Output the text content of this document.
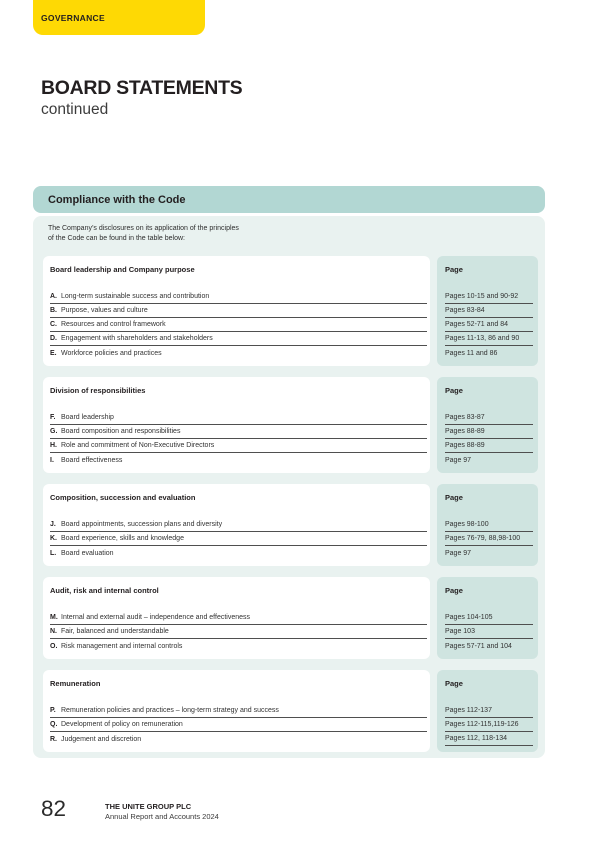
GOVERNANCE
BOARD STATEMENTS
continued
Compliance with the Code

The Company’s disclosures on its application of the principles
of the Code can be found in the table below:

Board leadership and Company purpose
A. Long-term sustainable success and contribution
B. Purpose, values and culture
C. Resources and control framework
D. Engagement with shareholders and stakeholders
E. Workforce policies and practices
Page
Pages 10-15 and 90-92
Pages 83-84
Pages 52-71 and 84
Pages 11-13, 86 and 90
Pages 11 and 86
Division of responsibilities
F. Board leadership
G. Board composition and responsibilities
H. Role and commitment of Non-Executive Directors
I.	Board effectiveness
Page
Pages 83-87
Pages 88-89
Pages 88-89
Page 97
Composition, succession and evaluation
J. Board appointments, succession plans and diversity
K. Board experience, skills and knowledge
L. Board evaluation
Page
Pages 98-100
Pages 76-79, 88,98-100
Page 97
Audit, risk and internal control
M. Internal and external audit – independence and effectiveness
N. Fair, balanced and understandable
O. Risk management and internal controls
Page
Pages 104-105
Page 103
Pages 57-71 and 104
Remuneration
P. Remuneration policies and practices – long-term strategy and success
Q. Development of policy on remuneration
R. Judgement and discretion
Page
Pages 112-137
Pages 112-115,119-126
Pages 112, 118-134
82	THE UNITE GROUP PLC
Annual Report and Accounts 2024
